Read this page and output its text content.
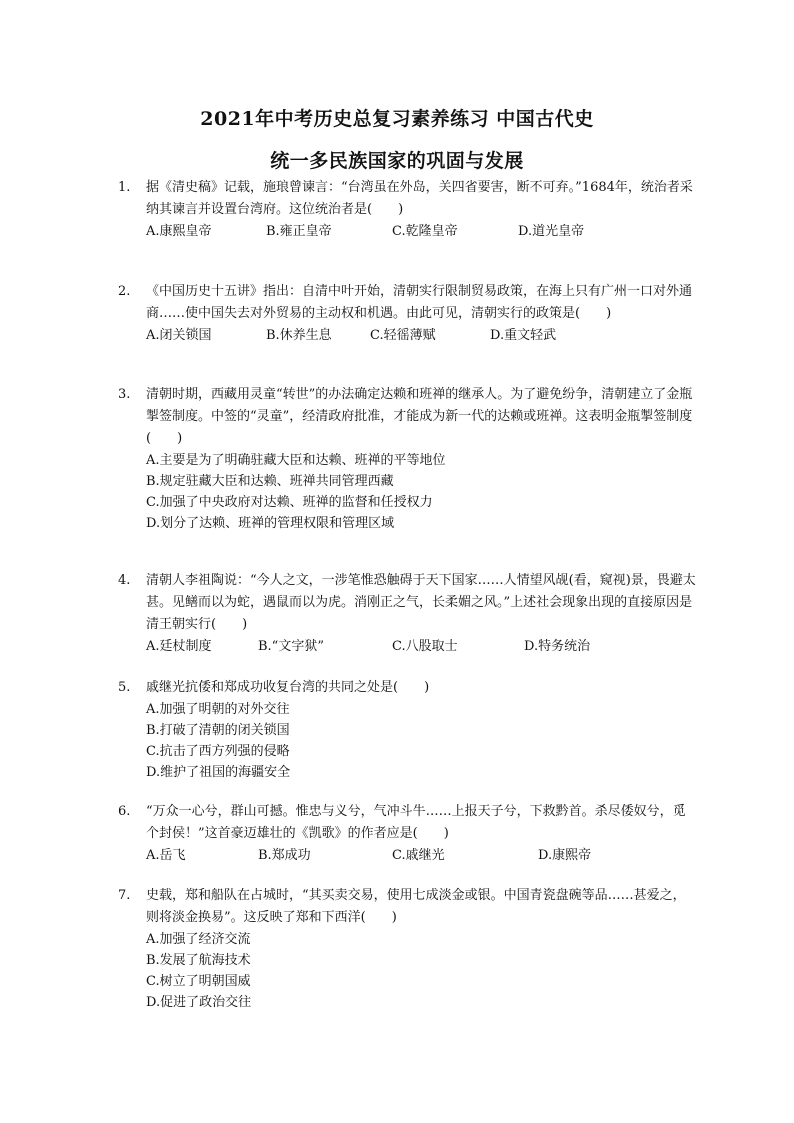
2021年中考历史总复习素养练习 中国古代史
统一多民族国家的巩固与发展
1. 据《清史稿》记载，施琅曾谏言：“台湾虽在外岛，关四省要害，断不可弃。”1684年，统治者采纳其谏言并设置台湾府。这位统治者是(　　)
A.康熙皇帝	B.雍正皇帝	C.乾隆皇帝	D.道光皇帝
2. 《中国历史十五讲》指出：自清中叶开始，清朝实行限制贸易政策，在海上只有广州一口对外通商……使中国失去对外贸易的主动权和机遇。由此可见，清朝实行的政策是(　　)
A.闭关锁国	B.休养生息	C.轻徭薄赋	D.重文轻武
3. 清朝时期，西藏用灵童“转世”的办法确定达赖和班禅的继承人。为了避免纷争，清朝建立了金瓶掣签制度。中签的“灵童”，经清政府批准，才能成为新一代的达赖或班禅。这表明金瓶掣签制度(　　)
A.主要是为了明确驻藏大臣和达赖、班禅的平等地位
B.规定驻藏大臣和达赖、班禅共同管理西藏
C.加强了中央政府对达赖、班禅的监督和任授权力
D.划分了达赖、班禅的管理权限和管理区域
4. 清朝人李祖陶说：“今人之文，一涉笔惟恐触碍于天下国家……人情望风觇(看，窥视)景，畏避太甚。见鳝而以为蛇，遇鼠而以为虎。消刚正之气，长柔媚之风。”上述社会现象出现的直接原因是清王朝实行(　　)
A.廷杖制度	B.“文字狱”	C.八股取士	D.特务统治
5. 戚继光抗倭和郑成功收复台湾的共同之处是(　　)
A.加强了明朝的对外交往
B.打破了清朝的闭关锁国
C.抗击了西方列强的侵略
D.维护了祖国的海疆安全
6. “万众一心兮，群山可撼。惟忠与义兮，气冲斗牛……上报天子兮，下救黔首。杀尽倭奴兮，觅个封侯！”这首豪迈雄壮的《凯歌》的作者应是(　　)
A.岳飞	B.郑成功	C.戚继光	D.康熙帝
7. 史载，郑和船队在占城时，“其买卖交易，使用七成淡金或银。中国青瓷盘碗等品……甚爱之，则将淡金换易”。这反映了郑和下西洋(　　)
A.加强了经济交流
B.发展了航海技术
C.树立了明朝国威
D.促进了政治交往
